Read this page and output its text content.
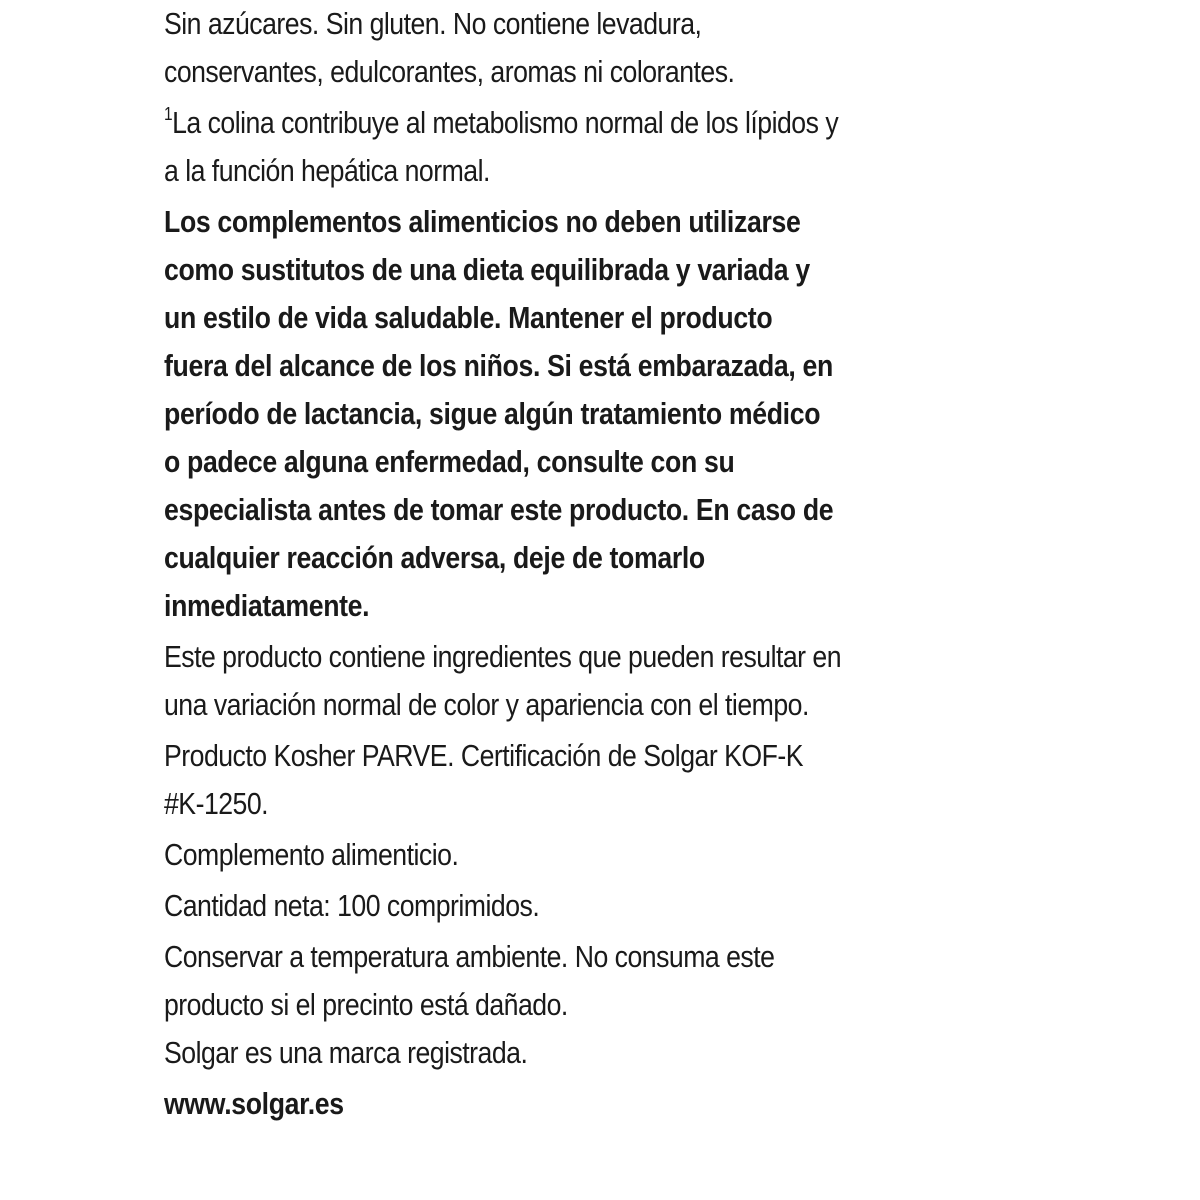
Sin azúcares. Sin gluten. No contiene levadura,
conservantes, edulcorantes, aromas ni colorantes.

$^1$La colina contribuye al metabolismo normal de los lípidos y
a la función hepática normal.

Los complementos alimenticios no deben utilizarse
como sustitutos de una dieta equilibrada y variada y
un estilo de vida saludable. Mantener el producto
fuera del alcance de los niños. Si está embarazada, en
período de lactancia, sigue algún tratamiento médico
o padece alguna enfermedad, consulte con su
especialista antes de tomar este producto. En caso de
cualquier reacción adversa, deje de tomarlo
inmediatamente.

Este producto contiene ingredientes que pueden resultar en
una variación normal de color y apariencia con el tiempo.

Producto Kosher PARVE. Certificación de Solgar KOF-K
#K-1250.

Complemento alimenticio.

Cantidad neta: 100 comprimidos.

Conservar a temperatura ambiente. No consuma este
producto si el precinto está dañado.

Solgar es una marca registrada.

www.solgar.es
